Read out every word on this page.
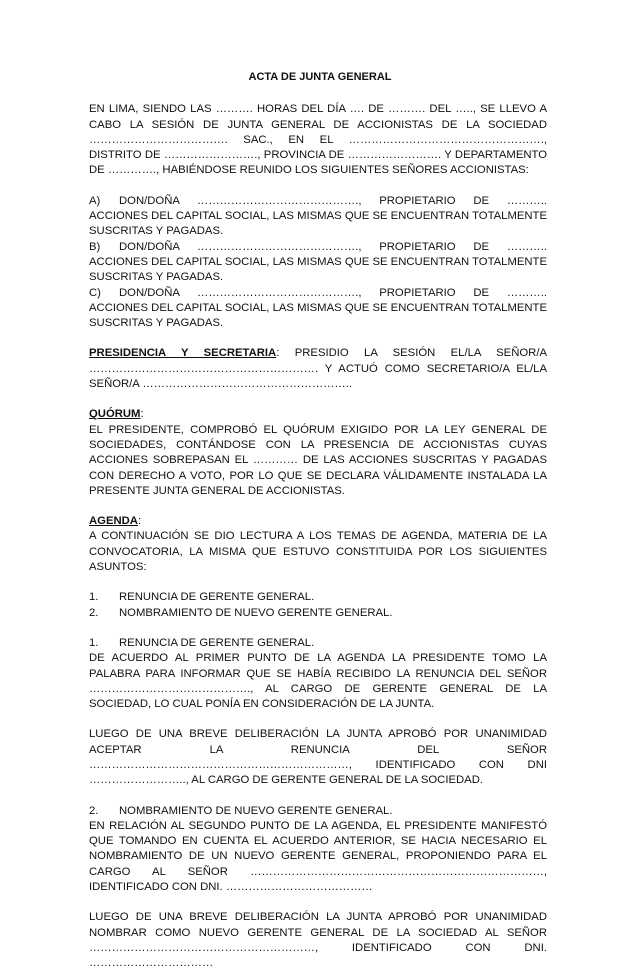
ACTA DE JUNTA GENERAL

EN LIMA, SIENDO LAS ………. HORAS DEL DÍA …. DE ………. DEL ….., SE LLEVO A CABO LA SESIÓN DE JUNTA GENERAL DE ACCIONISTAS DE LA SOCIEDAD ………………………………. SAC., EN EL ……………………………………………., DISTRITO DE ……………………., PROVINCIA DE ……………………. Y DEPARTAMENTO DE …………., HABIÉNDOSE REUNIDO LOS SIGUIENTES SEÑORES ACCIONISTAS:

A) DON/DOÑA ……………………………………., PROPIETARIO DE ……….. ACCIONES DEL CAPITAL SOCIAL, LAS MISMAS QUE SE ENCUENTRAN TOTALMENTE SUSCRITAS Y PAGADAS.

B) DON/DOÑA ……………………………………., PROPIETARIO DE ……….. ACCIONES DEL CAPITAL SOCIAL, LAS MISMAS QUE SE ENCUENTRAN TOTALMENTE SUSCRITAS Y PAGADAS.

C) DON/DOÑA ……………………………………., PROPIETARIO DE ……….. ACCIONES DEL CAPITAL SOCIAL, LAS MISMAS QUE SE ENCUENTRAN TOTALMENTE SUSCRITAS Y PAGADAS.

PRESIDENCIA Y SECRETARIA: PRESIDIO LA SESIÓN EL/LA SEÑOR/A ……………………………………………………. Y ACTUÓ COMO SECRETARIO/A EL/LA SEÑOR/A ………………………………………………..

QUÓRUM:

EL PRESIDENTE, COMPROBÓ EL QUÓRUM EXIGIDO POR LA LEY GENERAL DE SOCIEDADES, CONTÁNDOSE CON LA PRESENCIA DE ACCIONISTAS CUYAS ACCIONES SOBREPASAN EL ………… DE LAS ACCIONES SUSCRITAS Y PAGADAS CON DERECHO A VOTO, POR LO QUE SE DECLARA VÁLIDAMENTE INSTALADA LA PRESENTE JUNTA GENERAL DE ACCIONISTAS.

AGENDA:

A CONTINUACIÓN SE DIO LECTURA A LOS TEMAS DE AGENDA, MATERIA DE LA CONVOCATORIA, LA MISMA QUE ESTUVO CONSTITUIDA POR LOS SIGUIENTES ASUNTOS:

1.	RENUNCIA DE GERENTE GENERAL.
2.	NOMBRAMIENTO DE NUEVO GERENTE GENERAL.
1.	RENUNCIA DE GERENTE GENERAL.

DE ACUERDO AL PRIMER PUNTO DE LA AGENDA LA PRESIDENTE TOMO LA PALABRA PARA INFORMAR QUE SE HABÍA RECIBIDO LA RENUNCIA DEL SEÑOR ……………………………………., AL CARGO DE GERENTE GENERAL DE LA SOCIEDAD, LO CUAL PONÍA EN CONSIDERACIÓN DE LA JUNTA.

LUEGO DE UNA BREVE DELIBERACIÓN LA JUNTA APROBÓ POR UNANIMIDAD ACEPTAR LA RENUNCIA DEL SEÑOR ……………………………………………………………, IDENTIFICADO CON DNI …………………….., AL CARGO DE GERENTE GENERAL DE LA SOCIEDAD.

2.	NOMBRAMIENTO DE NUEVO GERENTE GENERAL.

EN RELACIÓN AL SEGUNDO PUNTO DE LA AGENDA, EL PRESIDENTE MANIFESTÓ QUE TOMANDO EN CUENTA EL ACUERDO ANTERIOR, SE HACIA NECESARIO EL NOMBRAMIENTO DE UN NUEVO GERENTE GENERAL, PROPONIENDO PARA EL CARGO AL SEÑOR ……………………………………………………………………, IDENTIFICADO CON DNI. …………………………………

LUEGO DE UNA BREVE DELIBERACIÓN LA JUNTA APROBÓ POR UNANIMIDAD NOMBRAR COMO NUEVO GERENTE GENERAL DE LA SOCIEDAD AL SEÑOR ……………………………………………………, IDENTIFICADO CON DNI. ……………………………
